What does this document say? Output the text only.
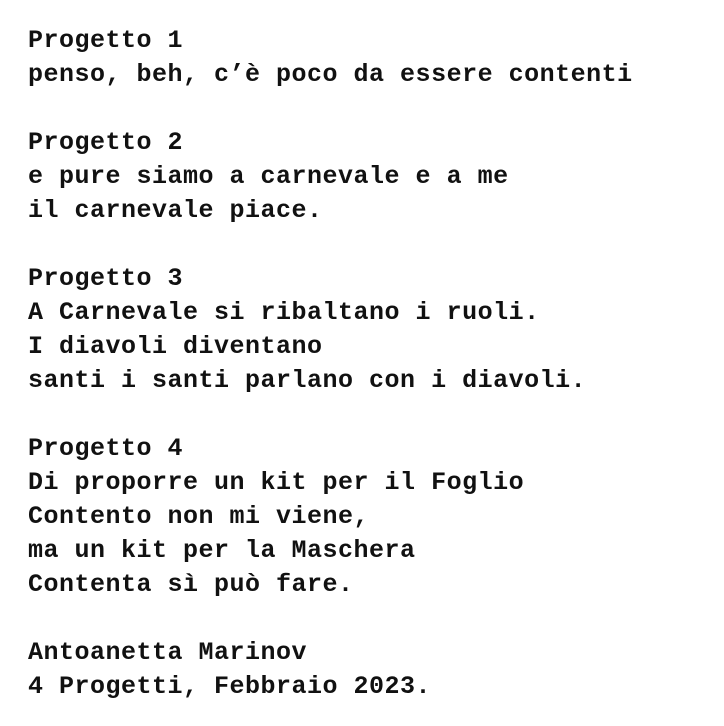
Progetto 1
penso, beh, c’è poco da essere contenti
Progetto 2
e pure siamo a carnevale e a me
il carnevale piace.
Progetto 3
A Carnevale si ribaltano i ruoli.
I diavoli diventano
santi i santi parlano con i diavoli.
Progetto 4
Di proporre un kit per il Foglio
Contento non mi viene,
ma un kit per la Maschera
Contenta sì può fare.
Antoanetta Marinov
4 Progetti, Febbraio 2023.
